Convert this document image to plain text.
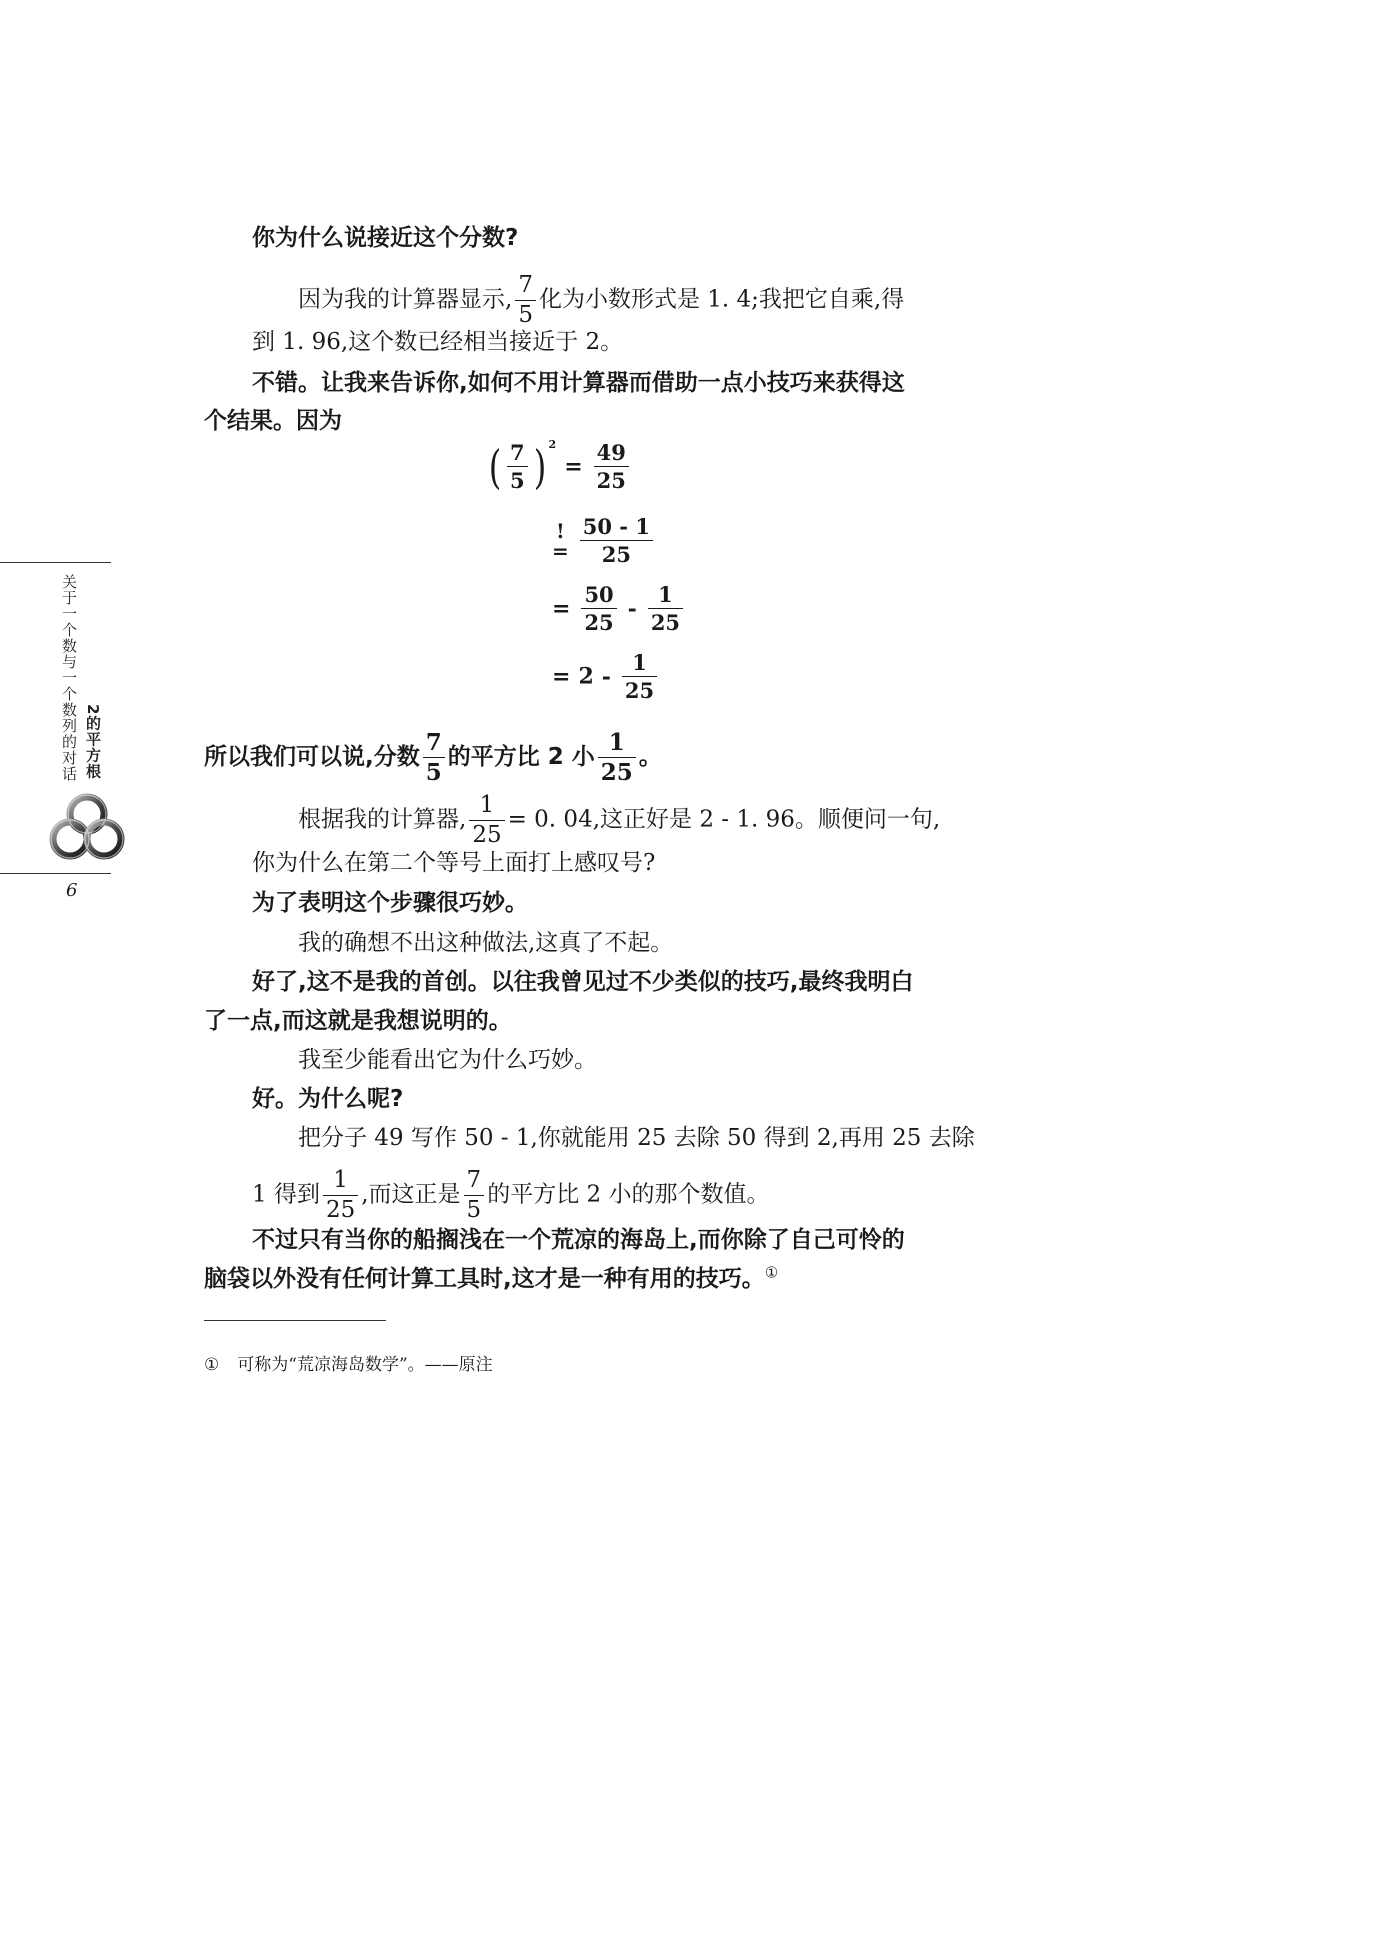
关于一个数与一个数列的对话 2的平方根
6
你为什么说接近这个分数?
因为我的计算器显示, $\frac{7}{5}$ 化为小数形式是 1. 4;我把它自乘,得
到 1. 96,这个数已经相当接近于 2。
不错。让我来告诉你,如何不用计算器而借助一点小技巧来获得这
个结果。因为
( $\frac{7}{5}$ ) $2= \frac{49}{25}$
!
= $\frac{50 - 1}{25}$
= $\frac{50}{25} - \frac{1}{25}$
= $2 - \frac{1}{25}$
所以我们可以说,分数 $\frac{7}{5}$ 的平方比 2 小 $\frac{1}{25}$ 。
根据我的计算器, $\frac{1}{25} = 0$. 04,这正好是 2 - 1. 96。顺便问一句,
你为什么在第二个等号上面打上感叹号?
为了表明这个步骤很巧妙。
我的确想不出这种做法,这真了不起。
好了,这不是我的首创。以往我曾见过不少类似的技巧,最终我明白
了一点,而这就是我想说明的。
我至少能看出它为什么巧妙。
好。为什么呢?
把分子 49 写作 50 - 1,你就能用 25 去除 50 得到 2,再用 25 去除
1 得到 $\frac{1}{25}$ ,而这正是 $\frac{7}{5}$ 的平方比 2 小的那个数值。
不过只有当你的船搁浅在一个荒凉的海岛上,而你除了自己可怜的
脑袋以外没有任何计算工具时,这才是一种有用的技巧。①
① 可称为“荒凉海岛数学”。——原注
